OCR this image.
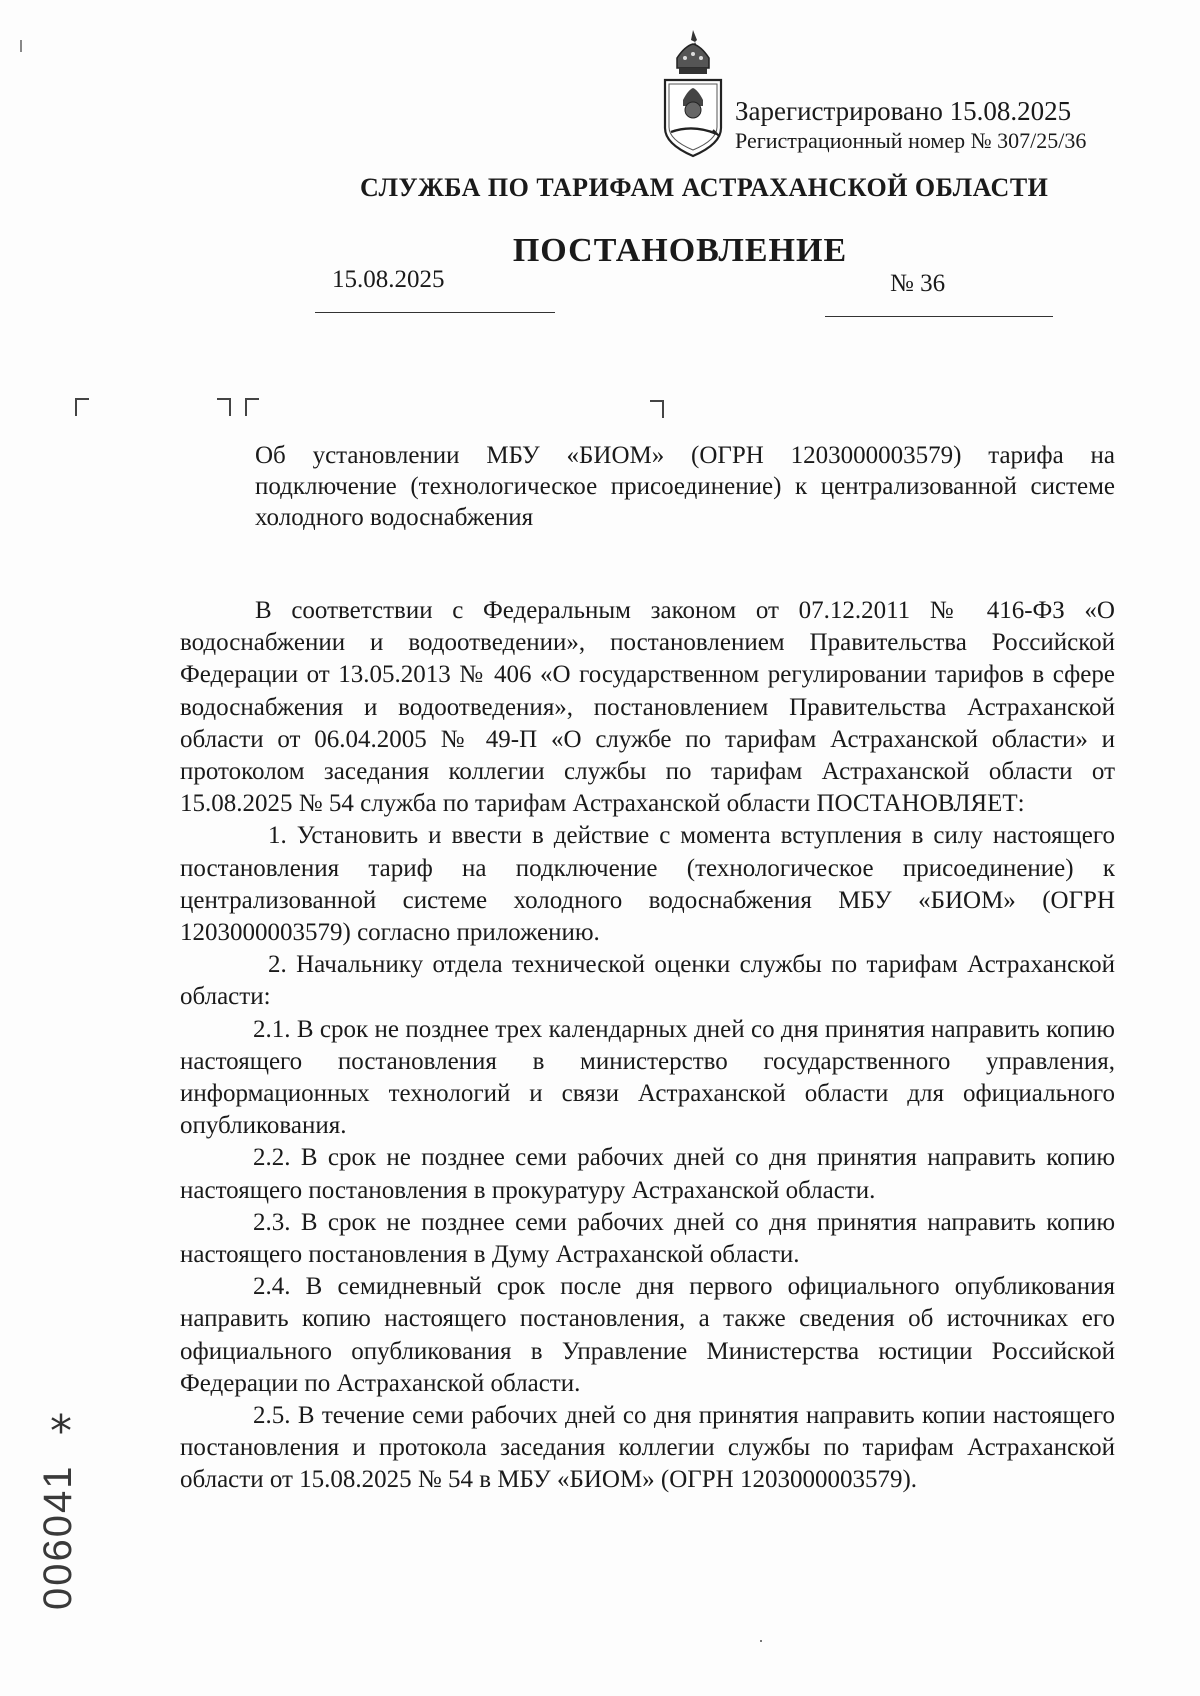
Зарегистрировано 15.08.2025
Регистрационный номер № 307/25/36
СЛУЖБА ПО ТАРИФАМ АСТРАХАНСКОЙ ОБЛАСТИ
ПОСТАНОВЛЕНИЕ
15.08.2025	№ 36
Об установлении МБУ «БИОМ» (ОГРН 1203000003579) тарифа на подключение (технологическое присоединение) к централизованной системе холодного водоснабжения

В соответствии с Федеральным законом от 07.12.2011 № 416-ФЗ «О водоснабжении и водоотведении», постановлением Правительства Российской Федерации от 13.05.2013 № 406 «О государственном регулировании тарифов в сфере водоснабжения и водоотведения», постановлением Правительства Астраханской области от 06.04.2005 № 49-П «О службе по тарифам Астраханской области» и протоколом заседания коллегии службы по тарифам Астраханской области от 15.08.2025 № 54 служба по тарифам Астраханской области ПОСТАНОВЛЯЕТ:

1. Установить и ввести в действие с момента вступления в силу настоящего постановления тариф на подключение (технологическое присоединение) к централизованной системе холодного водоснабжения МБУ «БИОМ» (ОГРН 1203000003579) согласно приложению.

2. Начальнику отдела технической оценки службы по тарифам Астраханской области:

2.1. В срок не позднее трех календарных дней со дня принятия направить копию настоящего постановления в министерство государственного управления, информационных технологий и связи Астраханской области для официального опубликования.

2.2. В срок не позднее семи рабочих дней со дня принятия направить копию настоящего постановления в прокуратуру Астраханской области.

2.3. В срок не позднее семи рабочих дней со дня принятия направить копию настоящего постановления в Думу Астраханской области.

2.4. В семидневный срок после дня первого официального опубликования направить копию настоящего постановления, а также сведения об источниках его официального опубликования в Управление Министерства юстиции Российской Федерации по Астраханской области.

2.5. В течение семи рабочих дней со дня принятия направить копии настоящего постановления и протокола заседания коллегии службы по тарифам Астраханской области от 15.08.2025 № 54 в МБУ «БИОМ» (ОГРН 1203000003579).

*
006041
